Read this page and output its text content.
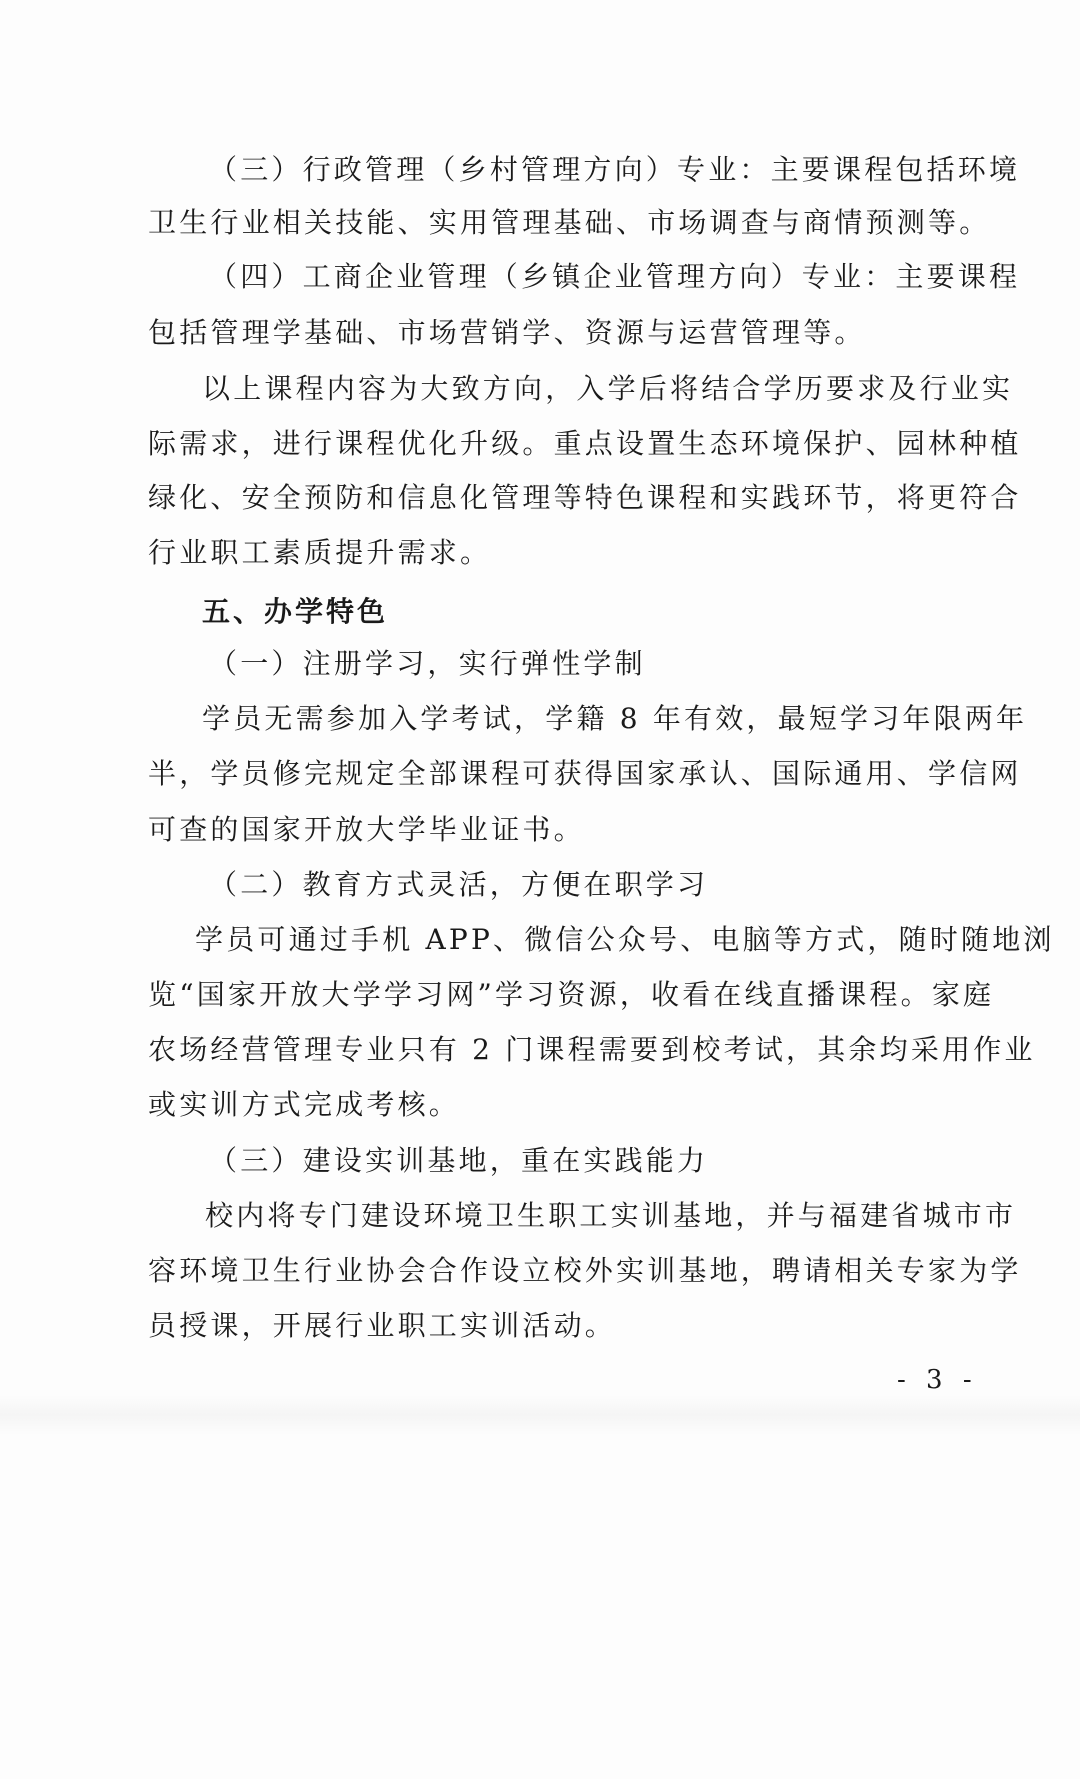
（三）行政管理（乡村管理方向）专业：主要课程包括环境
卫生行业相关技能、实用管理基础、市场调查与商情预测等。
（四）工商企业管理（乡镇企业管理方向）专业：主要课程
包括管理学基础、市场营销学、资源与运营管理等。
以上课程内容为大致方向，入学后将结合学历要求及行业实
际需求，进行课程优化升级。重点设置生态环境保护、园林种植
绿化、安全预防和信息化管理等特色课程和实践环节，将更符合
行业职工素质提升需求。
五、办学特色
（一）注册学习，实行弹性学制
学员无需参加入学考试，学籍 8 年有效，最短学习年限两年
半，学员修完规定全部课程可获得国家承认、国际通用、学信网
可查的国家开放大学毕业证书。
（二）教育方式灵活，方便在职学习
学员可通过手机 APP、微信公众号、电脑等方式，随时随地浏
览“国家开放大学学习网”学习资源，收看在线直播课程。家庭
农场经营管理专业只有 2 门课程需要到校考试，其余均采用作业
或实训方式完成考核。
（三）建设实训基地，重在实践能力
校内将专门建设环境卫生职工实训基地，并与福建省城市市
容环境卫生行业协会合作设立校外实训基地，聘请相关专家为学
员授课，开展行业职工实训活动。
- 3 -
